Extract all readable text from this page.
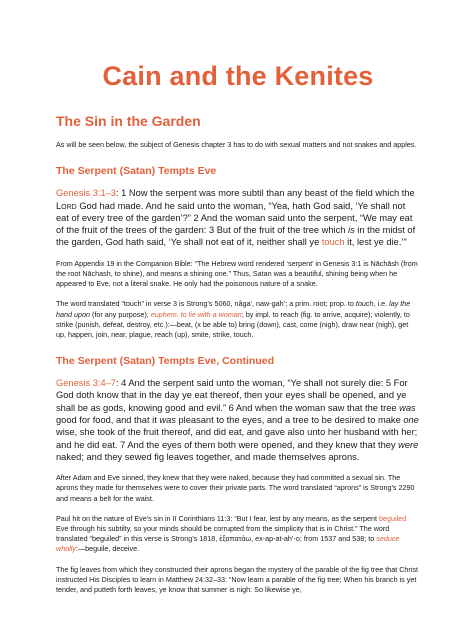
Cain and the Kenites
The Sin in the Garden

As will be seen below, the subject of Genesis chapter 3 has to do with sexual matters and not snakes and apples.

The Serpent (Satan) Tempts Eve

Genesis 3:1–3: 1 Now the serpent was more subtil than any beast of the field which the Lord God had made. And he said unto the woman, “Yea, hath God said, ‘Ye shall not eat of every tree of the garden’?” 2 And the woman said unto the serpent, “We may eat of the fruit of the trees of the garden: 3 But of the fruit of the tree which is in the midst of the garden, God hath said, ‘Ye shall not eat of it, neither shall ye touch it, lest ye die.’”

From Appendix 19 in the Companion Bible: “The Hebrew word rendered ‘serpent’ in Genesis 3:1 is Nāchāsh (from the root Nāchash, to shine), and means a shining one.” Thus, Satan was a beautiful, shining being when he appeared to Eve, not a literal snake. He only had the poisonous nature of a snake.

The word translated “touch” in verse 3 is Strong’s 5060, nâga‘, naw-gah’; a prim. root; prop. to touch, i.e. lay the hand upon (for any purpose); euphem. to lie with a woman; by impl. to reach (fig. to arrive, acquire); violently, to strike (punish, defeat, destroy, etc.):—beat, (x be able to) bring (down), cast, come (nigh), draw near (nigh), get up, happen, join, near, plague, reach (up), smite, strike, touch.

The Serpent (Satan) Tempts Eve, Continued

Genesis 3:4–7: 4 And the serpent said unto the woman, “Ye shall not surely die: 5 For God doth know that in the day ye eat thereof, then your eyes shall be opened, and ye shall be as gods, knowing good and evil.” 6 And when the woman saw that the tree was good for food, and that it was pleasant to the eyes, and a tree to be desired to make one wise, she took of the fruit thereof, and did eat, and gave also unto her husband with her; and he did eat. 7 And the eyes of them both were opened, and they knew that they were naked; and they sewed fig leaves together, and made themselves aprons.

After Adam and Eve sinned, they knew that they were naked, because they had committed a sexual sin. The aprons they made for themselves were to cover their private parts. The word translated “aprons” is Strong’s 2290 and means a belt for the waist.

Paul hit on the nature of Eve’s sin in II Corinthians 11:3: “But I fear, lest by any means, as the serpent beguiled Eve through his subtilty, so your minds should be corrupted from the simplicity that is in Christ.” The word translated “beguiled” in this verse is Strong’s 1818, ἐξαπατάω, ex-ap-at-ah’-o; from 1537 and 538; to seduce wholly:—beguile, deceive.

The fig leaves from which they constructed their aprons began the mystery of the parable of the fig tree that Christ instructed His Disciples to learn in Matthew 24:32–33: “Now learn a parable of the fig tree; When his branch is yet tender, and putteth forth leaves, ye know that summer is nigh: So likewise ye,
